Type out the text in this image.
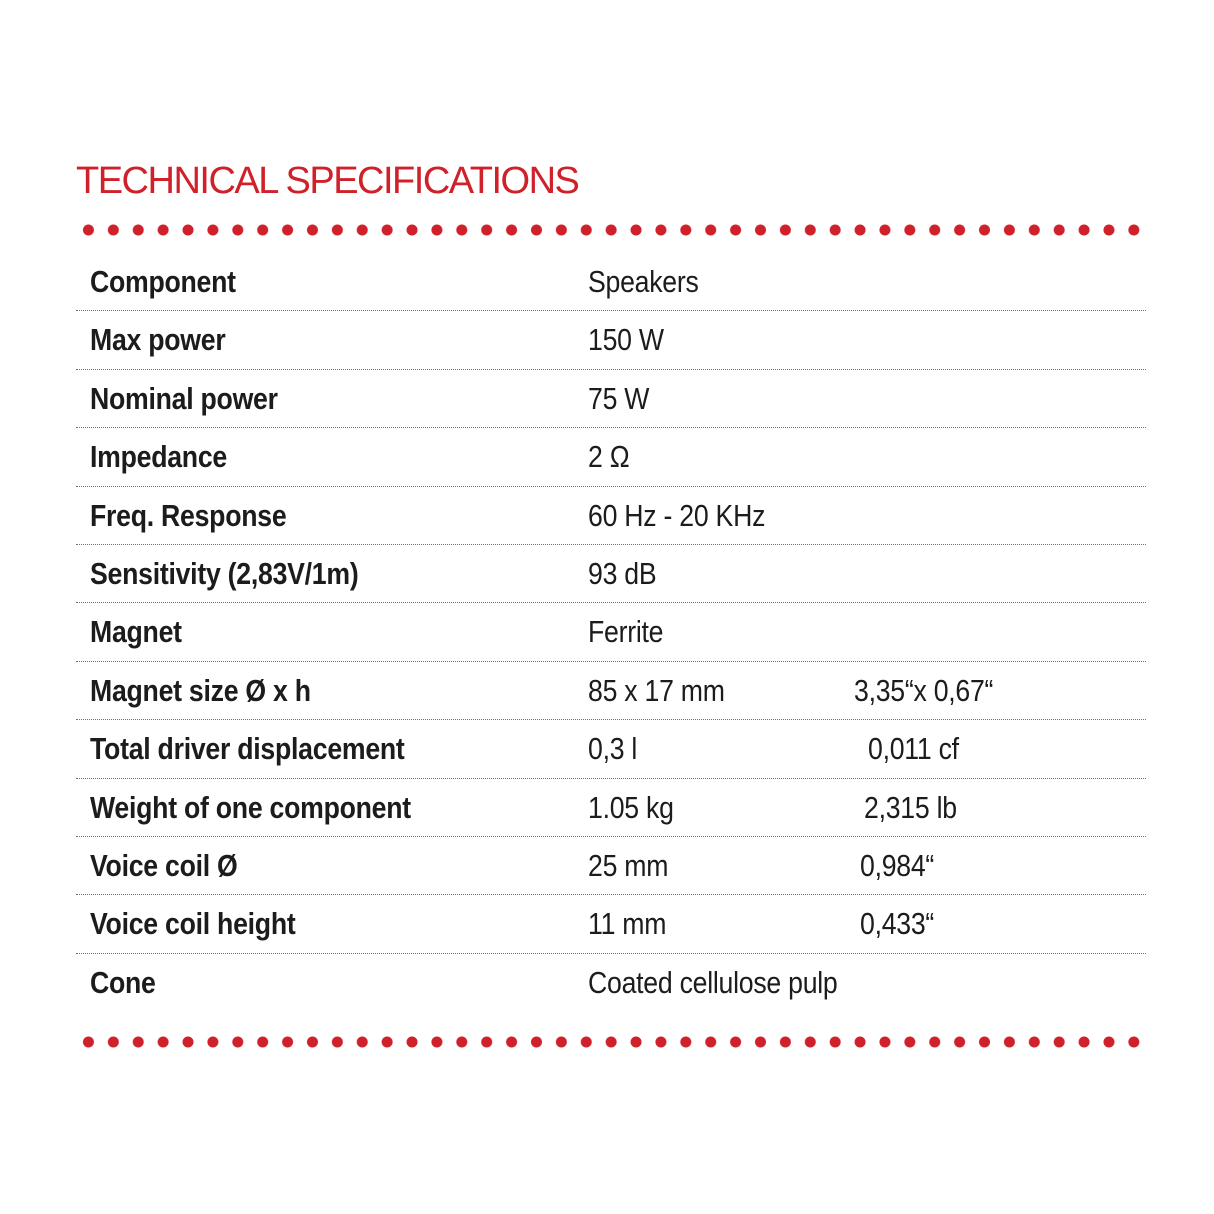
TECHNICAL SPECIFICATIONS
Component	Speakers
Max power	150 W
Nominal power	75 W
Impedance	2 Ω
Freq. Response	60 Hz - 20 KHz
Sensitivity (2,83V/1m)	93 dB
Magnet	Ferrite
Magnet size Ø x h	85 x 17 mm	3,35“x 0,67“
Total driver displacement	0,3 l	0,011 cf
Weight of one component	1.05 kg	2,315 lb
Voice coil Ø	25 mm	0,984“
Voice coil height	11 mm	0,433“
Cone	Coated cellulose pulp
